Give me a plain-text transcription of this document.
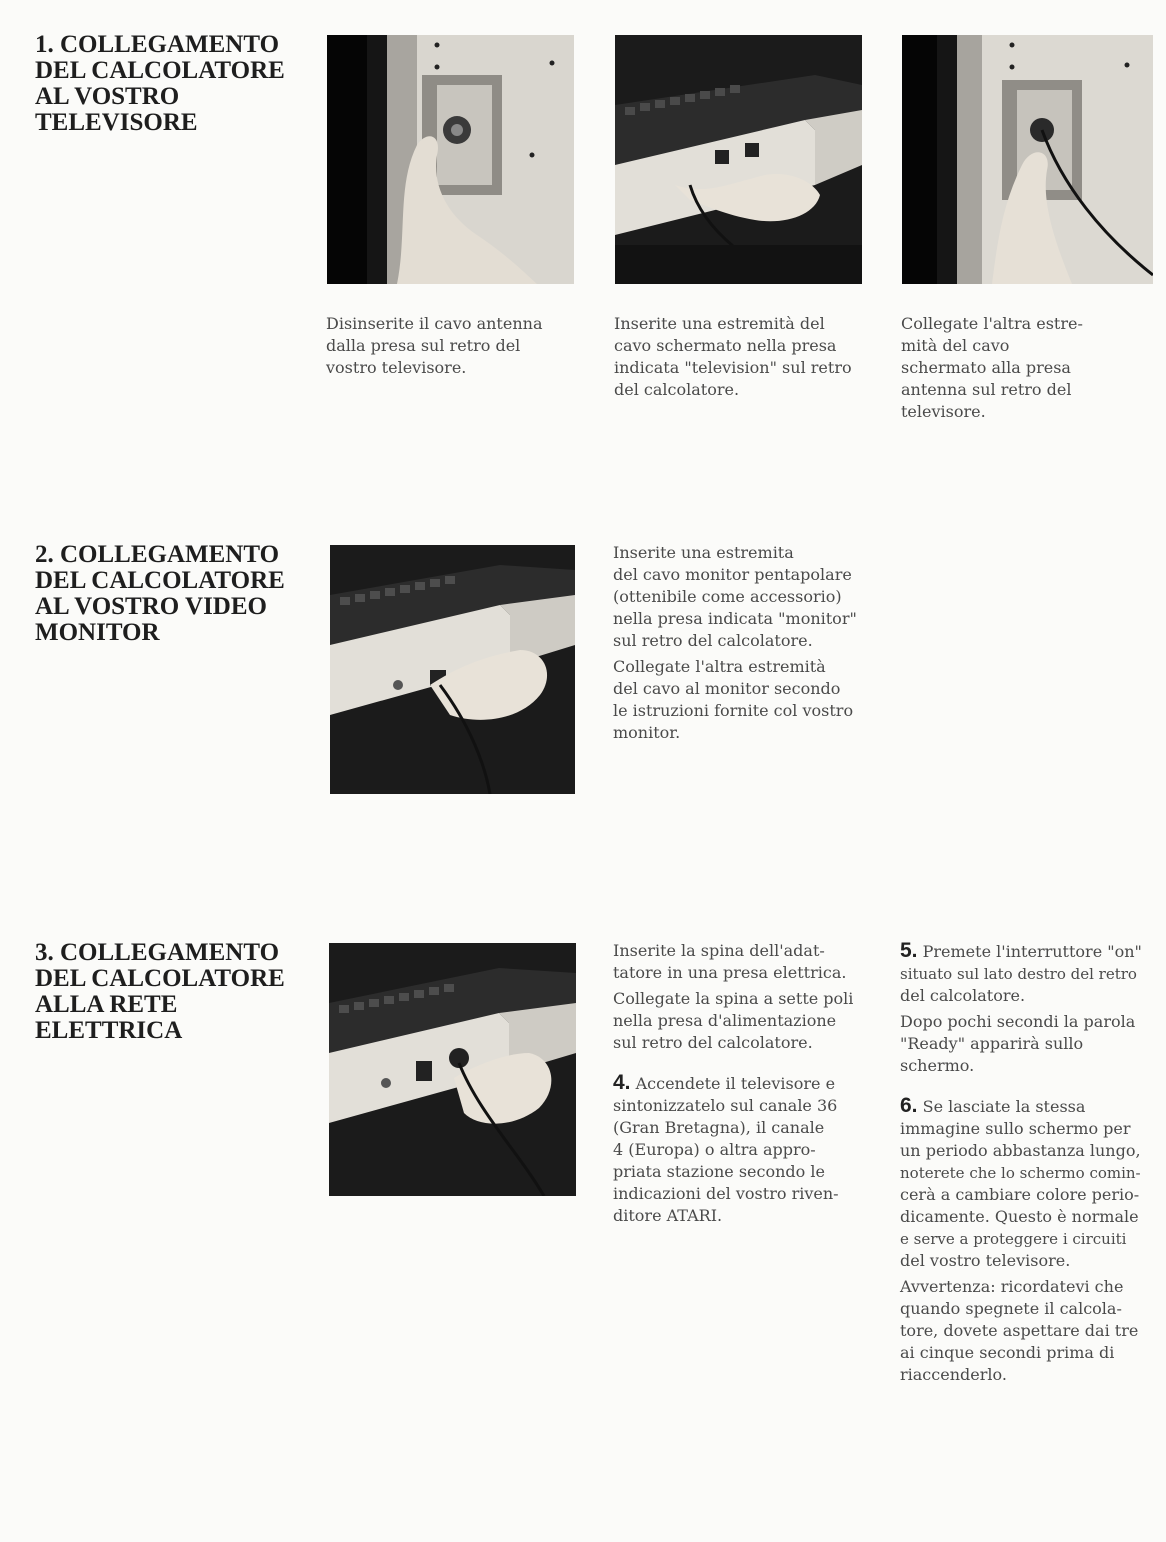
1. COLLEGAMENTO
DEL CALCOLATORE
AL VOSTRO
TELEVISORE
Disinserite il cavo antenna
dalla presa sul retro del
vostro televisore.
Inserite una estremità del
cavo schermato nella presa
indicata "television" sul retro
del calcolatore.
Collegate l'altra estre-
mità del cavo
schermato alla presa
antenna sul retro del
televisore.
2. COLLEGAMENTO
DEL CALCOLATORE
AL VOSTRO VIDEO
MONITOR

Inserite una estremita
del cavo monitor pentapolare
(ottenibile come accessorio)
nella presa indicata "monitor"
sul retro del calcolatore.

Collegate l'altra estremità
del cavo al monitor secondo
le istruzioni fornite col vostro
monitor.

3. COLLEGAMENTO
DEL CALCOLATORE
ALLA RETE
ELETTRICA

Inserite la spina dell'adat-
tatore in una presa elettrica.

Collegate la spina a sette poli
nella presa d'alimentazione
sul retro del calcolatore.

4. Accendete il televisore e
sintonizzatelo sul canale 36
(Gran Bretagna), il canale
4 (Europa) o altra appro-
priata stazione secondo le
indicazioni del vostro riven-
ditore ATARI.

5. Premete l'interruttore "on"
situato sul lato destro del retro
del calcolatore.

Dopo pochi secondi la parola
"Ready" apparirà sullo
schermo.

6. Se lasciate la stessa
immagine sullo schermo per
un periodo abbastanza lungo,
noterete che lo schermo comin-
cerà a cambiare colore perio-
dicamente. Questo è normale
e serve a proteggere i circuiti
del vostro televisore.

Avvertenza: ricordatevi che
quando spegnete il calcola-
tore, dovete aspettare dai tre
ai cinque secondi prima di
riaccenderlo.
